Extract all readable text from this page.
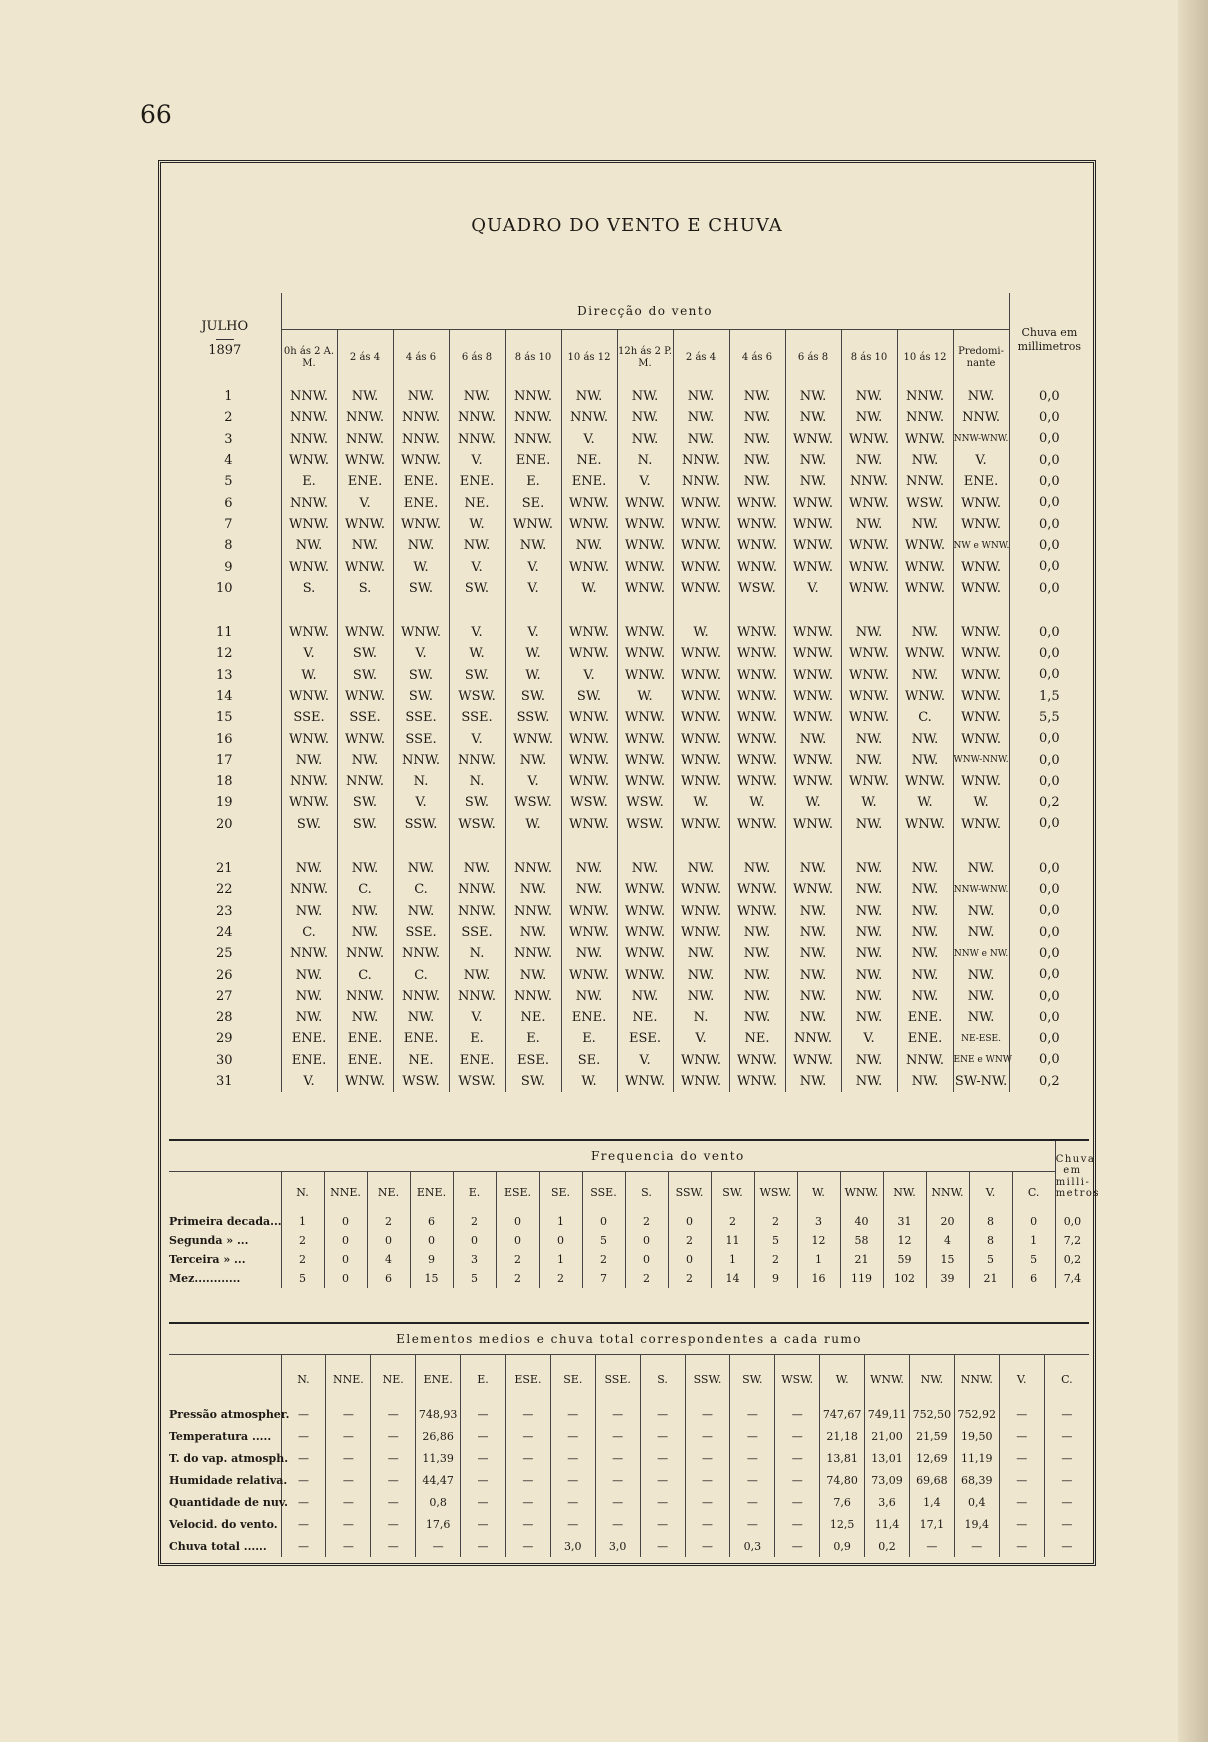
66
QUADRO DO VENTO E CHUVA
JULHO
1897	Direcção do vento													Chuva em millimetros
	0h ás 2 A. M.	2 ás 4	4 ás 6	6 ás 8	8 ás 10	10 ás 12	12h ás 2 P. M.	2 ás 4	4 ás 6	6 ás 8	8 ás 10	10 ás 12	Predomi-nante	
1	NNW.	NW.	NW.	NW.	NNW.	NW.	NW.	NW.	NW.	NW.	NW.	NNW.	NW.	0,0
2	NNW.	NNW.	NNW.	NNW.	NNW.	NNW.	NW.	NW.	NW.	NW.	NW.	NNW.	NNW.	0,0
3	NNW.	NNW.	NNW.	NNW.	NNW.	V.	NW.	NW.	NW.	WNW.	WNW.	WNW.	NNW-WNW.	0,0
4	WNW.	WNW.	WNW.	V.	ENE.	NE.	N.	NNW.	NW.	NW.	NW.	NW.	V.	0,0
5	E.	ENE.	ENE.	ENE.	E.	ENE.	V.	NNW.	NW.	NW.	NNW.	NNW.	ENE.	0,0
6	NNW.	V.	ENE.	NE.	SE.	WNW.	WNW.	WNW.	WNW.	WNW.	WNW.	WSW.	WNW.	0,0
7	WNW.	WNW.	WNW.	W.	WNW.	WNW.	WNW.	WNW.	WNW.	WNW.	NW.	NW.	WNW.	0,0
8	NW.	NW.	NW.	NW.	NW.	NW.	WNW.	WNW.	WNW.	WNW.	WNW.	WNW.	NW e WNW.	0,0
9	WNW.	WNW.	W.	V.	V.	WNW.	WNW.	WNW.	WNW.	WNW.	WNW.	WNW.	WNW.	0,0
10	S.	S.	SW.	SW.	V.	W.	WNW.	WNW.	WSW.	V.	WNW.	WNW.	WNW.	0,0

11	WNW.	WNW.	WNW.	V.	V.	WNW.	WNW.	W.	WNW.	WNW.	NW.	NW.	WNW.	0,0
12	V.	SW.	V.	W.	W.	WNW.	WNW.	WNW.	WNW.	WNW.	WNW.	WNW.	WNW.	0,0
13	W.	SW.	SW.	SW.	W.	V.	WNW.	WNW.	WNW.	WNW.	WNW.	NW.	WNW.	0,0
14	WNW.	WNW.	SW.	WSW.	SW.	SW.	W.	WNW.	WNW.	WNW.	WNW.	WNW.	WNW.	1,5
15	SSE.	SSE.	SSE.	SSE.	SSW.	WNW.	WNW.	WNW.	WNW.	WNW.	WNW.	C.	WNW.	5,5
16	WNW.	WNW.	SSE.	V.	WNW.	WNW.	WNW.	WNW.	WNW.	NW.	NW.	NW.	WNW.	0,0
17	NW.	NW.	NNW.	NNW.	NW.	WNW.	WNW.	WNW.	WNW.	WNW.	NW.	NW.	WNW-NNW.	0,0
18	NNW.	NNW.	N.	N.	V.	WNW.	WNW.	WNW.	WNW.	WNW.	WNW.	WNW.	WNW.	0,0
19	WNW.	SW.	V.	SW.	WSW.	WSW.	WSW.	W.	W.	W.	W.	W.	W.	0,2
20	SW.	SW.	SSW.	WSW.	W.	WNW.	WSW.	WNW.	WNW.	WNW.	NW.	WNW.	WNW.	0,0

21	NW.	NW.	NW.	NW.	NNW.	NW.	NW.	NW.	NW.	NW.	NW.	NW.	NW.	0,0
22	NNW.	C.	C.	NNW.	NW.	NW.	WNW.	WNW.	WNW.	WNW.	NW.	NW.	NNW-WNW.	0,0
23	NW.	NW.	NW.	NNW.	NNW.	WNW.	WNW.	WNW.	WNW.	NW.	NW.	NW.	NW.	0,0
24	C.	NW.	SSE.	SSE.	NW.	WNW.	WNW.	WNW.	NW.	NW.	NW.	NW.	NW.	0,0
25	NNW.	NNW.	NNW.	N.	NNW.	NW.	WNW.	NW.	NW.	NW.	NW.	NW.	NNW e NW.	0,0
26	NW.	C.	C.	NW.	NW.	WNW.	WNW.	NW.	NW.	NW.	NW.	NW.	NW.	0,0
27	NW.	NNW.	NNW.	NNW.	NNW.	NW.	NW.	NW.	NW.	NW.	NW.	NW.	NW.	0,0
28	NW.	NW.	NW.	V.	NE.	ENE.	NE.	N.	NW.	NW.	NW.	ENE.	NW.	0,0
29	ENE.	ENE.	ENE.	E.	E.	E.	ESE.	V.	NE.	NNW.	V.	ENE.	NE-ESE.	0,0
30	ENE.	ENE.	NE.	ENE.	ESE.	SE.	V.	WNW.	WNW.	WNW.	NW.	NNW.	ENE e WNW	0,0
31	V.	WNW.	WSW.	WSW.	SW.	W.	WNW.	WNW.	WNW.	NW.	NW.	NW.	SW-NW.	0,2
	Frequencia do vento																		Chuva em milli-metros
	N.	NNE.	NE.	ENE.	E.	ESE.	SE.	SSE.	S.	SSW.	SW.	WSW.	W.	WNW.	NW.	NNW.	V.	C.	
Primeira decada...	1	0	2	6	2	0	1	0	2	0	2	2	3	40	31	20	8	0	0,0
Segunda » ...	2	0	0	0	0	0	0	5	0	2	11	5	12	58	12	4	8	1	7,2
Terceira » ...	2	0	4	9	3	2	1	2	0	0	1	2	1	21	59	15	5	5	0,2
Mez............	5	0	6	15	5	2	2	7	2	2	14	9	16	119	102	39	21	6	7,4
Elementos medios e chuva total correspondentes a cada rumo																		
	N.	NNE.	NE.	ENE.	E.	ESE.	SE.	SSE.	S.	SSW.	SW.	WSW.	W.	WNW.	NW.	NNW.	V.	C.
Pressão atmospher.	—	—	—	748,93	—	—	—	—	—	—	—	—	747,67	749,11	752,50	752,92	—	—
Temperatura .....	—	—	—	26,86	—	—	—	—	—	—	—	—	21,18	21,00	21,59	19,50	—	—
T. do vap. atmosph.	—	—	—	11,39	—	—	—	—	—	—	—	—	13,81	13,01	12,69	11,19	—	—
Humidade relativa.	—	—	—	44,47	—	—	—	—	—	—	—	—	74,80	73,09	69,68	68,39	—	—
Quantidade de nuv.	—	—	—	0,8	—	—	—	—	—	—	—	—	7,6	3,6	1,4	0,4	—	—
Velocid. do vento.	—	—	—	17,6	—	—	—	—	—	—	—	—	12,5	11,4	17,1	19,4	—	—
Chuva total ......	—	—	—	—	—	—	3,0	3,0	—	—	0,3	—	0,9	0,2	—	—	—	—
